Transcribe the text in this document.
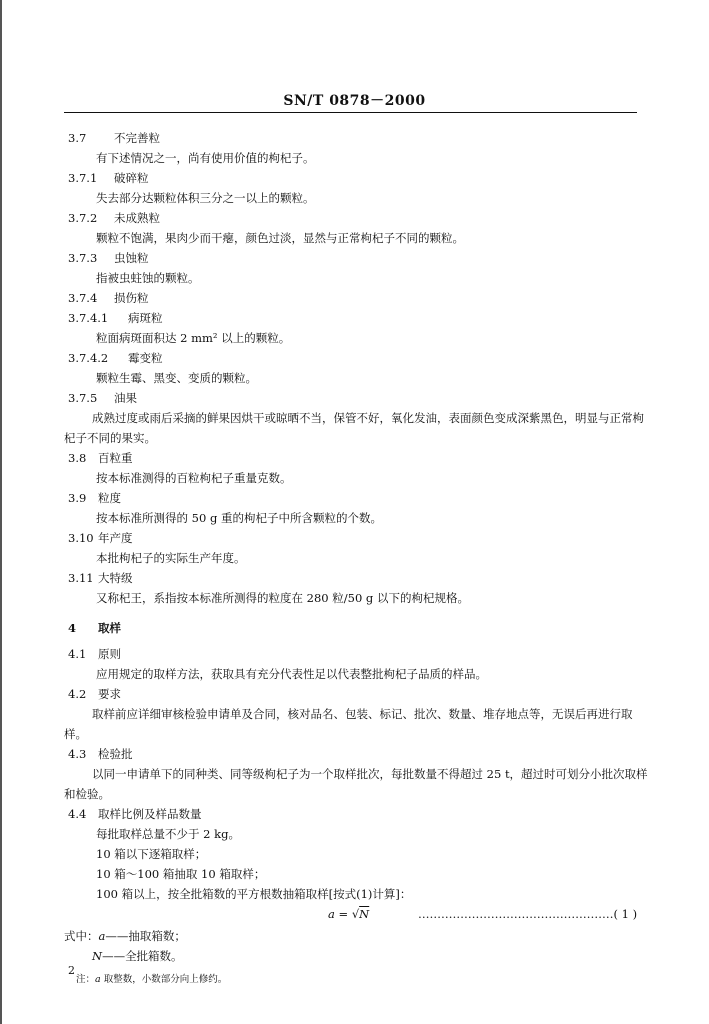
SN/T 0878－2000

3.7 不完善粒

有下述情况之一，尚有使用价值的枸杞子。

3.7.1 破碎粒

失去部分达颗粒体积三分之一以上的颗粒。

3.7.2 未成熟粒

颗粒不饱满，果肉少而干瘪，颜色过淡，显然与正常枸杞子不同的颗粒。

3.7.3 虫蚀粒

指被虫蛀蚀的颗粒。

3.7.4 损伤粒

3.7.4.1 病斑粒

粒面病斑面积达 2 mm² 以上的颗粒。

3.7.4.2 霉变粒

颗粒生霉、黑变、变质的颗粒。

3.7.5 油果

成熟过度或雨后采摘的鲜果因烘干或晾晒不当，保管不好，氧化发油，表面颜色变成深紫黑色，明显与正常枸杞子不同的果实。

3.8 百粒重

按本标准测得的百粒枸杞子重量克数。

3.9 粒度

按本标准所测得的 50 g 重的枸杞子中所含颗粒的个数。

3.10 年产度

本批枸杞子的实际生产年度。

3.11 大特级

又称杞王，系指按本标准所测得的粒度在 280 粒/50 g 以下的枸杞规格。

4 取样

4.1 原则

应用规定的取样方法，获取具有充分代表性足以代表整批枸杞子品质的样品。

4.2 要求

取样前应详细审核检验申请单及合同，核对品名、包装、标记、批次、数量、堆存地点等，无误后再进行取样。

4.3 检验批

以同一申请单下的同种类、同等级枸杞子为一个取样批次，每批数量不得超过 25 t，超过时可划分小批次取样和检验。

4.4 取样比例及样品数量

每批取样总量不少于 2 kg。

10 箱以下逐箱取样；

10 箱～100 箱抽取 10 箱取样；

100 箱以上，按全批箱数的平方根数抽箱取样[按式(1)计算]：

a = √N	……………………………………………( 1 )

式中：a——抽取箱数；

N——全批箱数。

注：a 取整数，小数部分向上修约。

2
